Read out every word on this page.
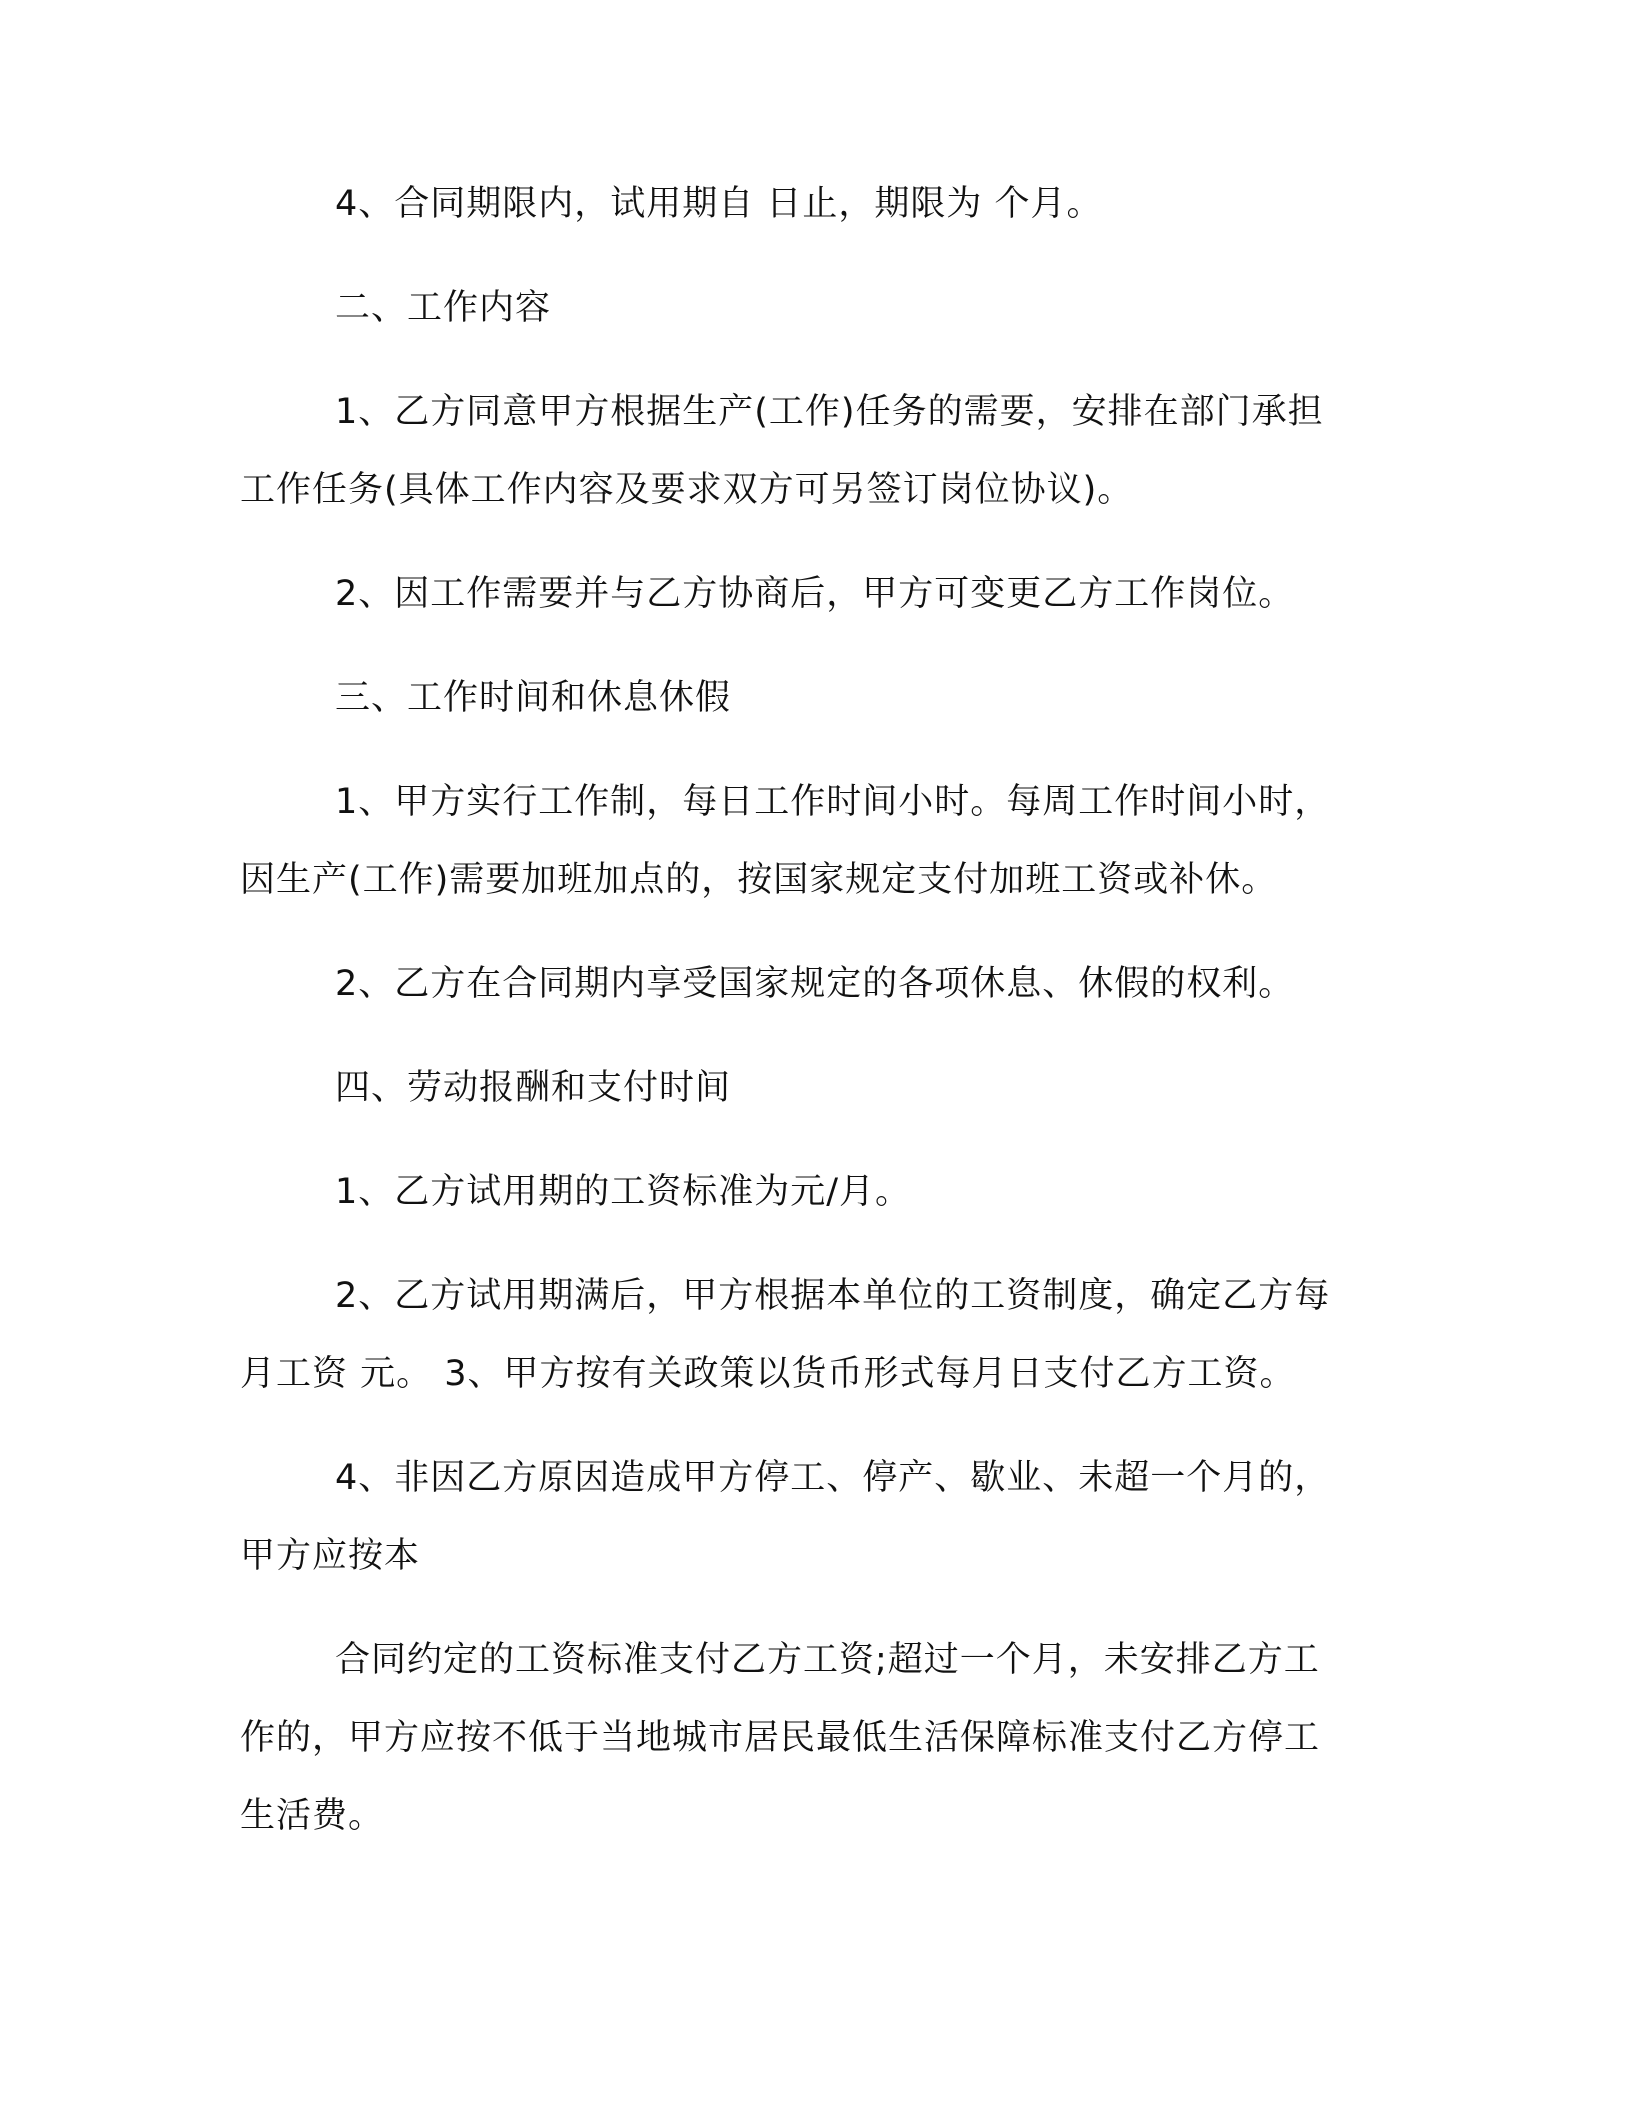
4、合同期限内，试用期自 日止，期限为 个月。
二、工作内容
1、乙方同意甲方根据生产(工作)任务的需要，安排在部门承担
工作任务(具体工作内容及要求双方可另签订岗位协议)。
2、因工作需要并与乙方协商后，甲方可变更乙方工作岗位。
三、工作时间和休息休假
1、甲方实行工作制，每日工作时间小时。每周工作时间小时，
因生产(工作)需要加班加点的，按国家规定支付加班工资或补休。
2、乙方在合同期内享受国家规定的各项休息、休假的权利。
四、劳动报酬和支付时间
1、乙方试用期的工资标准为元/月。
2、乙方试用期满后，甲方根据本单位的工资制度，确定乙方每
月工资 元。 3、甲方按有关政策以货币形式每月日支付乙方工资。
4、非因乙方原因造成甲方停工、停产、歇业、未超一个月的，
甲方应按本
合同约定的工资标准支付乙方工资;超过一个月，未安排乙方工
作的，甲方应按不低于当地城市居民最低生活保障标准支付乙方停工
生活费。
